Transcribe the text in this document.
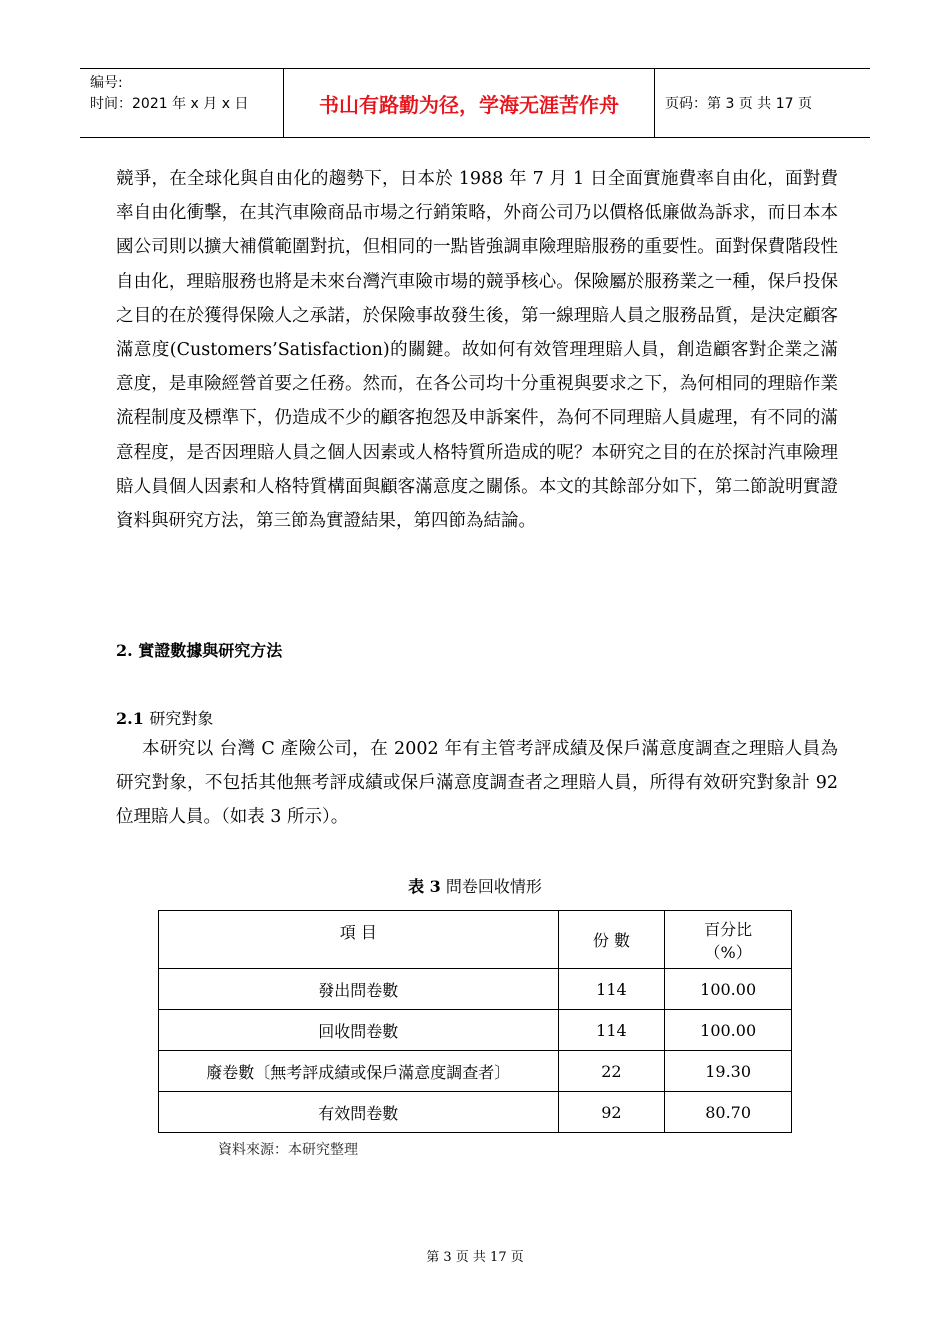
编号:
时间：2021 年 x 月 x 日	书山有路勤为径，学海无涯苦作舟	页码：第 3 页 共 17 页
競爭，在全球化與自由化的趨勢下，日本於 1988 年 7 月 1 日全面實施費率自由化，面對費率自由化衝擊，在其汽車險商品市場之行銷策略，外商公司乃以價格低廉做為訴求，而日本本國公司則以擴大補償範圍對抗，但相同的一點皆強調車險理賠服務的重要性。面對保費階段性自由化，理賠服務也將是未來台灣汽車險市場的競爭核心。保險屬於服務業之一種，保戶投保之目的在於獲得保險人之承諾，於保險事故發生後，第一線理賠人員之服務品質，是決定顧客滿意度(Customers’Satisfaction)的關鍵。故如何有效管理理賠人員，創造顧客對企業之滿意度，是車險經營首要之任務。然而，在各公司均十分重視與要求之下，為何相同的理賠作業流程制度及標準下，仍造成不少的顧客抱怨及申訴案件，為何不同理賠人員處理，有不同的滿意程度，是否因理賠人員之個人因素或人格特質所造成的呢？本研究之目的在於探討汽車險理賠人員個人因素和人格特質構面與顧客滿意度之關係。本文的其餘部分如下，第二節說明實證資料與研究方法，第三節為實證結果，第四節為結論。
2. 實證數據與研究方法
2.1 研究對象
本研究以 台灣 C 產險公司，在 2002 年有主管考評成績及保戶滿意度調查之理賠人員為研究對象，不包括其他無考評成績或保戶滿意度調查者之理賠人員，所得有效研究對象計 92 位理賠人員。（如表 3 所示）。
表 3 問卷回收情形
項 目	份 數	百分比
（%）

發出問卷數	114	100.00
回收問卷數	114	100.00
廢卷數〔無考評成績或保戶滿意度調查者〕	22	19.30
有效問卷數	92	80.70
資料來源：本研究整理
第 3 页 共 17 页
